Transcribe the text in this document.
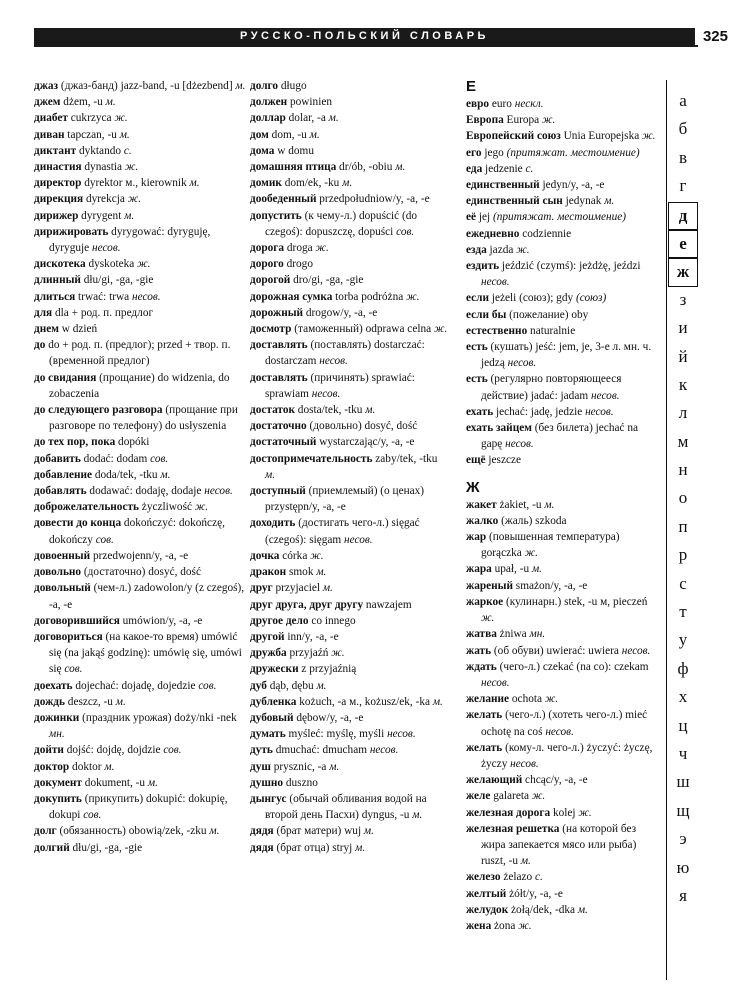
РУССКО-ПОЛЬСКИЙ СЛОВАРЬ	325
джаз (джаз-банд) jazz-band, -u [dżezbend] м.
джем dżem, -u м.
диабет cukrzyca ж.
диван tapczan, -u м.
диктант dyktando с.
династия dynastia ж.
директор dyrektor м., kierownik м.
дирекция dyrekcja ж.
дирижер dyrygent м.
дирижировать dyrygować: dyryguję, dyryguje несов.
дискотека dyskoteka ж.
длинный dłu/gi, -ga, -gie
длиться trwać: trwa несов.
для dla + род. п. предлог
днем w dzień
до do + род. п. (предлог); przed + твор. п. (временной предлог)
до свидания (прощание) do widzenia, do zobaczenia
до следующего разговора (прощание при разговоре по телефону) do usłyszenia
до тех пор, пока dopóki
добавить dodać: dodam сов.
добавление doda/tek, -tku м.
добавлять dodawać: dodaję, dodaje несов.
доброжелательность życzliwość ж.
довести до конца dokończyć: dokończę, dokończy сов.
довоенный przedwojenn/y, -a, -e
довольно (достаточно) dosyć, dość
довольный (чем-л.) zadowolon/y (z czegoś), -a, -e
договорившийся umówion/y, -a, -e
договориться (на какое-то время) umówić się (na jakąś godzinę): umówię się, umówi się сов.
доехать dojechać: dojadę, dojedzie сов.
дождь deszcz, -u м.
дожинки (праздник урожая) doży/nki -nek мн.
дойти dojść: dojdę, dojdzie сов.
доктор doktor м.
документ dokument, -u м.
докупить (прикупить) dokupić: dokupię, dokupi сов.
долг (обязанность) obowią/zek, -zku м.
долгий dłu/gi, -ga, -gie
долго długo
должен powinien
доллар dolar, -a м.
дом dom, -u м.
дома w domu
домашняя птица dr/ób, -obiu м.
домик dom/ek, -ku м.
дообеденный przedpołudniow/y, -a, -e
допустить (к чему-л.) dopuścić (do czegoś): dopuszczę, dopuści сов.
дорога droga ж.
дорого drogo
дорогой dro/gi, -ga, -gie
дорожная сумка torba podróżna ж.
дорожный drogow/y, -a, -e
досмотр (таможенный) odprawa celna ж.
доставлять (поставлять) dostarczać: dostarczam несов.
доставлять (причинять) sprawiać: sprawiam несов.
достаток dosta/tek, -tku м.
достаточно (довольно) dosyć, dość
достаточный wystarczając/y, -a, -e
достопримечательность zaby/tek, -tku м.
доступный (приемлемый) (о ценах) przystępn/y, -a, -e
доходить (достигать чего-л.) sięgać (czegoś): sięgam несов.
дочка córka ж.
дракон smok м.
друг przyjaciel м.
друг друга, друг другу nawzajem
другое дело co innego
другой inn/y, -a, -e
дружба przyjaźń ж.
дружески z przyjaźnią
дуб dąb, dębu м.
дубленка kożuch, -a м., kożusz/ek, -ka м.
дубовый dębow/y, -a, -e
думать myśleć: myślę, myśli несов.
дуть dmuchać: dmucham несов.
душ prysznic, -a м.
душно duszno
дынгус (обычай обливания водой на второй день Пасхи) dyngus, -u м.
дядя (брат матери) wuj м.
дядя (брат отца) stryj м.
Е
евро euro нескл.
Европа Europa ж.
Европейский союз Unia Europejska ж.
его jego (притяжат. местоимение)
еда jedzenie с.
единственный jedyn/y, -a, -e
единственный сын jedynak м.
её jej (притяжат. местоимение)
ежедневно codziennie
езда jazda ж.
ездить jeździć (czymś): jeżdżę, jeździ несов.
если jeżeli (союз); gdy (союз)
если бы (пожелание) oby
естественно naturalnie
есть (кушать) jeść: jem, je, 3-е л. мн. ч. jedzą несов.
есть (регулярно повторяющееся действие) jadać: jadam несов.
ехать jechać: jadę, jedzie несов.
ехать зайцем (без билета) jechać na gapę несов.
ещё jeszcze
Ж
жакет żakiet, -u м.
жалко (жаль) szkoda
жар (повышенная температура) gorączka ж.
жара upał, -u м.
жареный smażon/y, -a, -e
жаркое (кулинарн.) stek, -u м, pieczeń ж.
жатва żniwa мн.
жать (об обуви) uwierać: uwiera несов.
ждать (чего-л.) czekać (na co): czekam несов.
желание ochota ж.
желать (чего-л.) (хотеть чего-л.) mieć ochotę na coś несов.
желать (кому-л. чего-л.) życzyć: życzę, życzy несов.
желающий chcąc/y, -a, -e
желе galareta ж.
железная дорога kolej ж.
железная решетка (на которой без жира запекается мясо или рыба) ruszt, -u м.
железо żelazo с.
желтый żółt/y, -a, -e
желудок żołą/dek, -dka м.
жена żona ж.
а
б
в
г
д
е
ж
з
и
й
к
л
м
н
о
п
р
с
т
у
ф
х
ц
ч
ш
щ
э
ю
я
